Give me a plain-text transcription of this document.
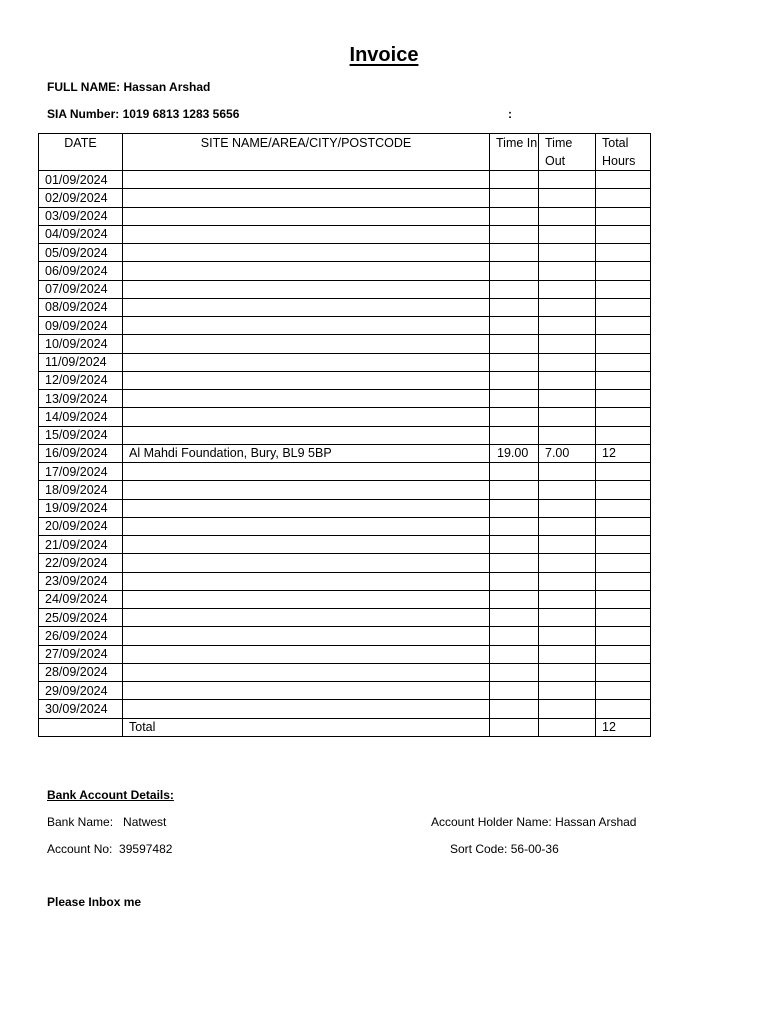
Invoice
FULL NAME: Hassan Arshad
SIA Number: 1019 6813 1283 5656	:
DATE	SITE NAME/AREA/CITY/POSTCODE	Time In	Time Out	Total Hours
01/09/2024				
02/09/2024				
03/09/2024				
04/09/2024				
05/09/2024				
06/09/2024				
07/09/2024				
08/09/2024				
09/09/2024				
10/09/2024				
11/09/2024				
12/09/2024				
13/09/2024				
14/09/2024				
15/09/2024				
16/09/2024	Al Mahdi Foundation, Bury, BL9 5BP	19.00	7.00	12
17/09/2024				
18/09/2024				
19/09/2024				
20/09/2024				
21/09/2024				
22/09/2024				
23/09/2024				
24/09/2024				
25/09/2024				
26/09/2024				
27/09/2024				
28/09/2024				
29/09/2024				
30/09/2024				
	Total			12
Bank Account Details:
Bank Name: Natwest	Account Holder Name: Hassan Arshad
Account No: 39597482	Sort Code: 56-00-36
Please Inbox me
